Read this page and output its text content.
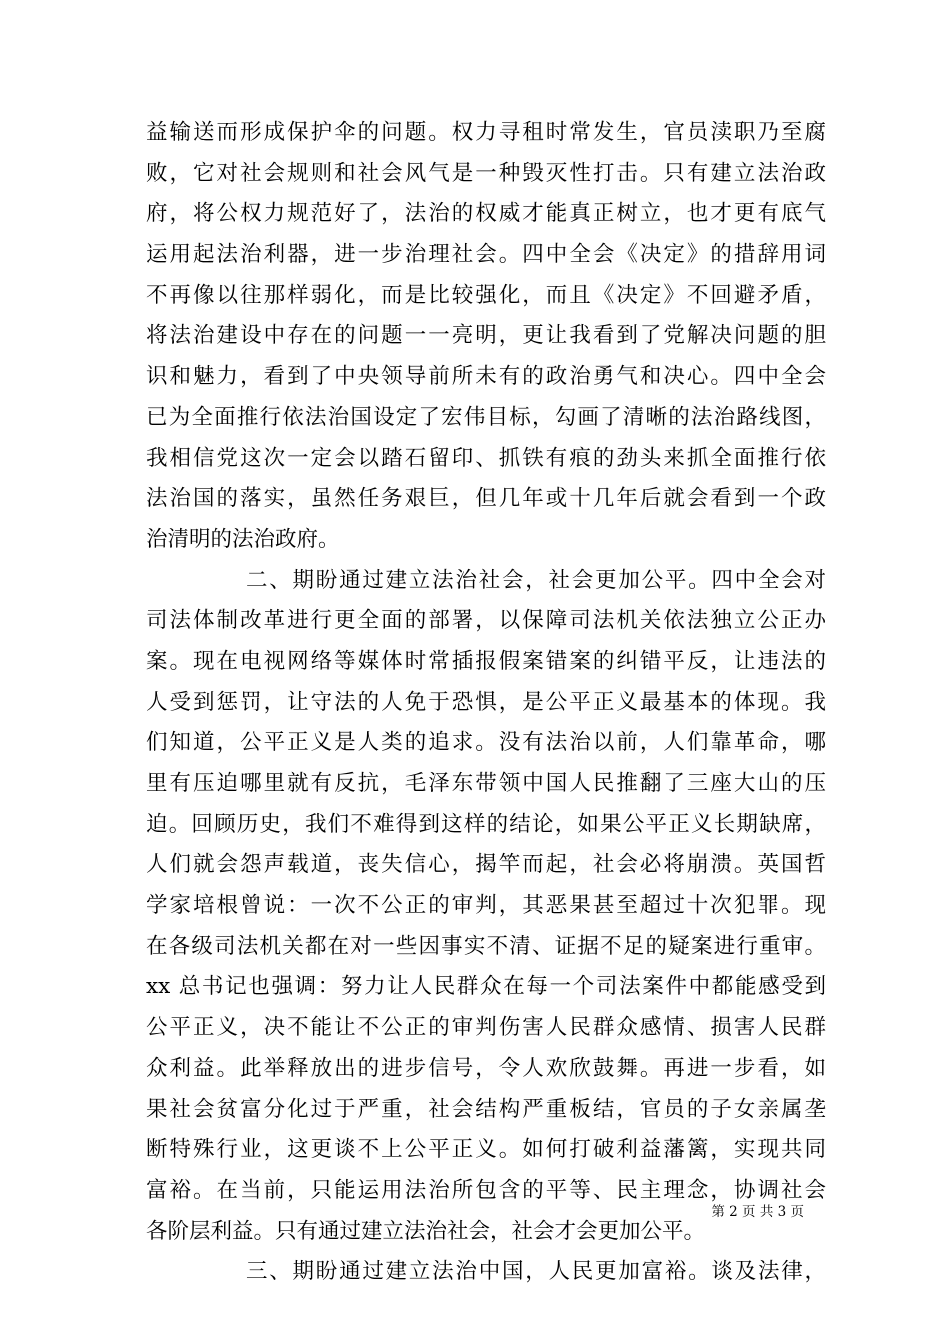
益输送而形成保护伞的问题。权力寻租时常发生，官员渎职乃至腐
败，它对社会规则和社会风气是一种毁灭性打击。只有建立法治政
府，将公权力规范好了，法治的权威才能真正树立，也才更有底气
运用起法治利器，进一步治理社会。四中全会《决定》的措辞用词
不再像以往那样弱化，而是比较强化，而且《决定》不回避矛盾，
将法治建设中存在的问题一一亮明，更让我看到了党解决问题的胆
识和魅力，看到了中央领导前所未有的政治勇气和决心。四中全会
已为全面推行依法治国设定了宏伟目标，勾画了清晰的法治路线图，
我相信党这次一定会以踏石留印、抓铁有痕的劲头来抓全面推行依
法治国的落实，虽然任务艰巨，但几年或十几年后就会看到一个政
治清明的法治政府。
二、期盼通过建立法治社会，社会更加公平。四中全会对
司法体制改革进行更全面的部署，以保障司法机关依法独立公正办
案。现在电视网络等媒体时常插报假案错案的纠错平反，让违法的
人受到惩罚，让守法的人免于恐惧，是公平正义最基本的体现。我
们知道，公平正义是人类的追求。没有法治以前，人们靠革命，哪
里有压迫哪里就有反抗，毛泽东带领中国人民推翻了三座大山的压
迫。回顾历史，我们不难得到这样的结论，如果公平正义长期缺席，
人们就会怨声载道，丧失信心，揭竿而起，社会必将崩溃。英国哲
学家培根曾说：一次不公正的审判，其恶果甚至超过十次犯罪。现
在各级司法机关都在对一些因事实不清、证据不足的疑案进行重审。
xx 总书记也强调：努力让人民群众在每一个司法案件中都能感受到
公平正义，决不能让不公正的审判伤害人民群众感情、损害人民群
众利益。此举释放出的进步信号，令人欢欣鼓舞。再进一步看，如
果社会贫富分化过于严重，社会结构严重板结，官员的子女亲属垄
断特殊行业，这更谈不上公平正义。如何打破利益藩篱，实现共同
富裕。在当前，只能运用法治所包含的平等、民主理念，协调社会
各阶层利益。只有通过建立法治社会，社会才会更加公平。
三、期盼通过建立法治中国，人民更加富裕。谈及法律，
第 2 页 共 3 页
